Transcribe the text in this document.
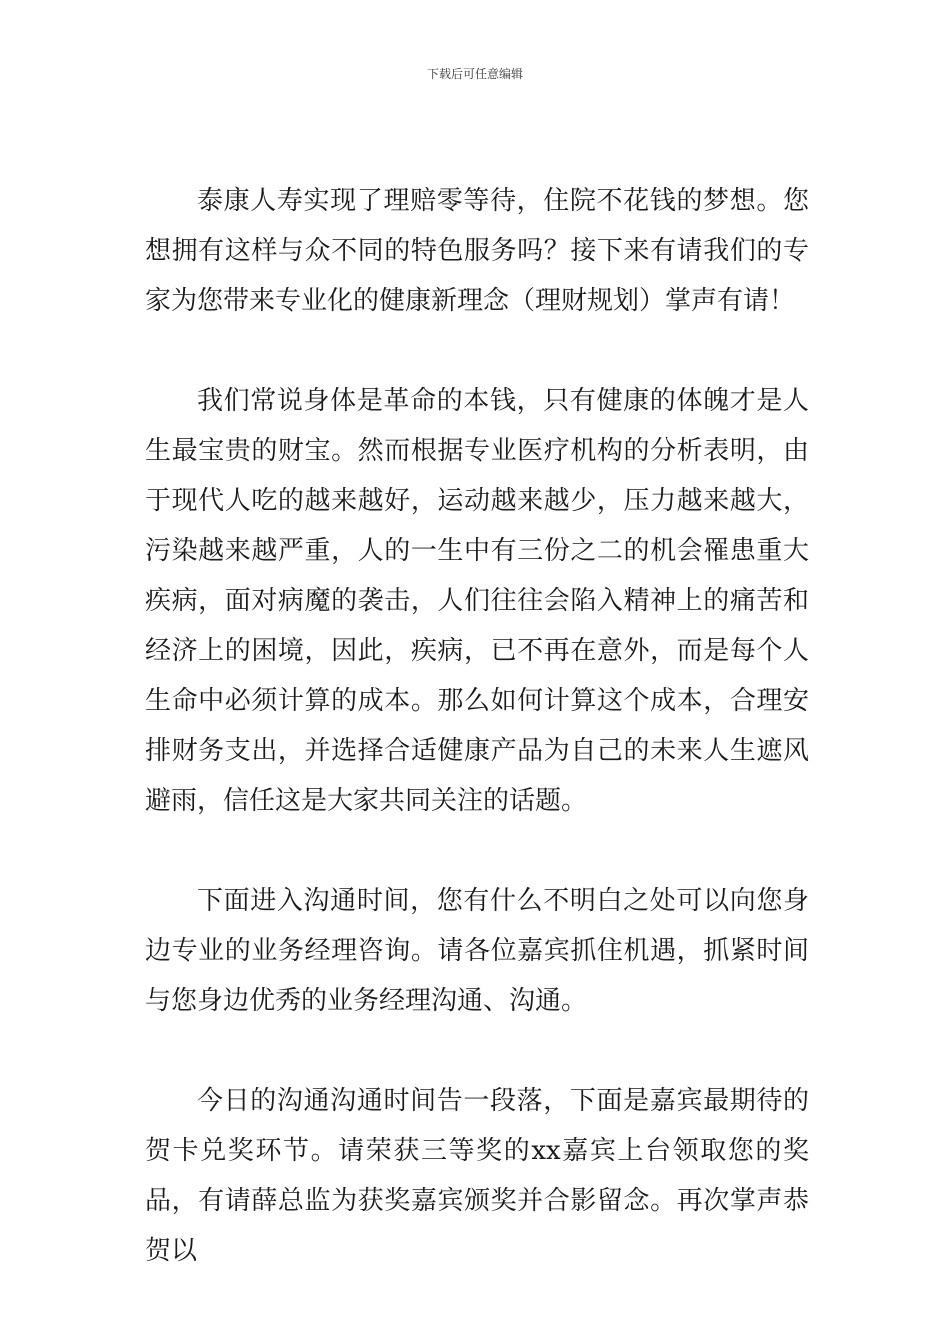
下载后可任意编辑

泰康人寿实现了理赔零等待，住院不花钱的梦想。您想拥有这样与众不同的特色服务吗？接下来有请我们的专家为您带来专业化的健康新理念（理财规划）掌声有请！

我们常说身体是革命的本钱，只有健康的体魄才是人生最宝贵的财宝。然而根据专业医疗机构的分析表明，由于现代人吃的越来越好，运动越来越少，压力越来越大，污染越来越严重，人的一生中有三份之二的机会罹患重大疾病，面对病魔的袭击，人们往往会陷入精神上的痛苦和经济上的困境，因此，疾病，已不再在意外，而是每个人生命中必须计算的成本。那么如何计算这个成本，合理安排财务支出，并选择合适健康产品为自己的未来人生遮风避雨，信任这是大家共同关注的话题。

下面进入沟通时间，您有什么不明白之处可以向您身边专业的业务经理咨询。请各位嘉宾抓住机遇，抓紧时间与您身边优秀的业务经理沟通、沟通。

今日的沟通沟通时间告一段落，下面是嘉宾最期待的贺卡兑奖环节。请荣获三等奖的xx嘉宾上台领取您的奖品，有请薛总监为获奖嘉宾颁奖并合影留念。再次掌声恭贺以
